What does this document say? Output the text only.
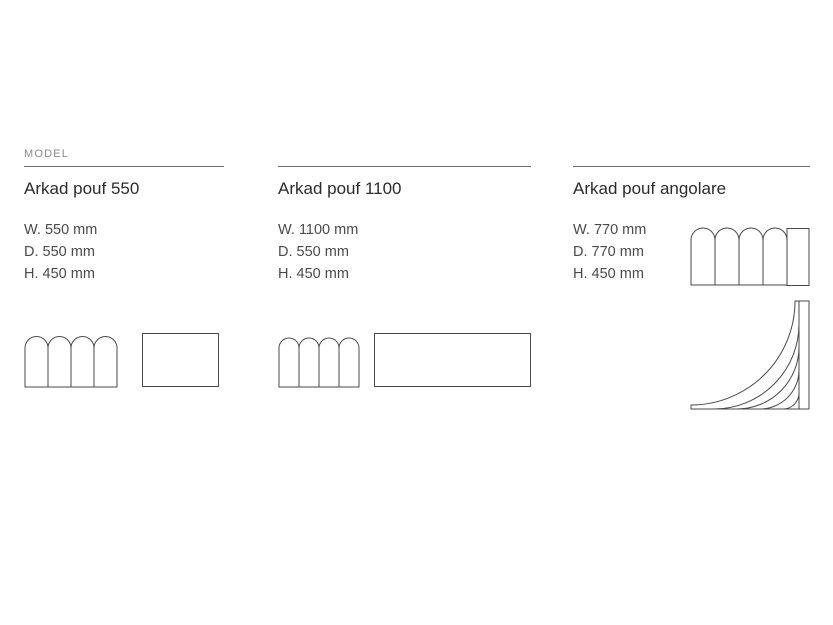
MODEL
Arkad pouf 550
W. 550 mm
D. 550 mm
H. 450 mm
Arkad pouf 1100
W. 1100 mm
D. 550 mm
H. 450 mm
Arkad pouf angolare
W. 770 mm
D. 770 mm
H. 450 mm
